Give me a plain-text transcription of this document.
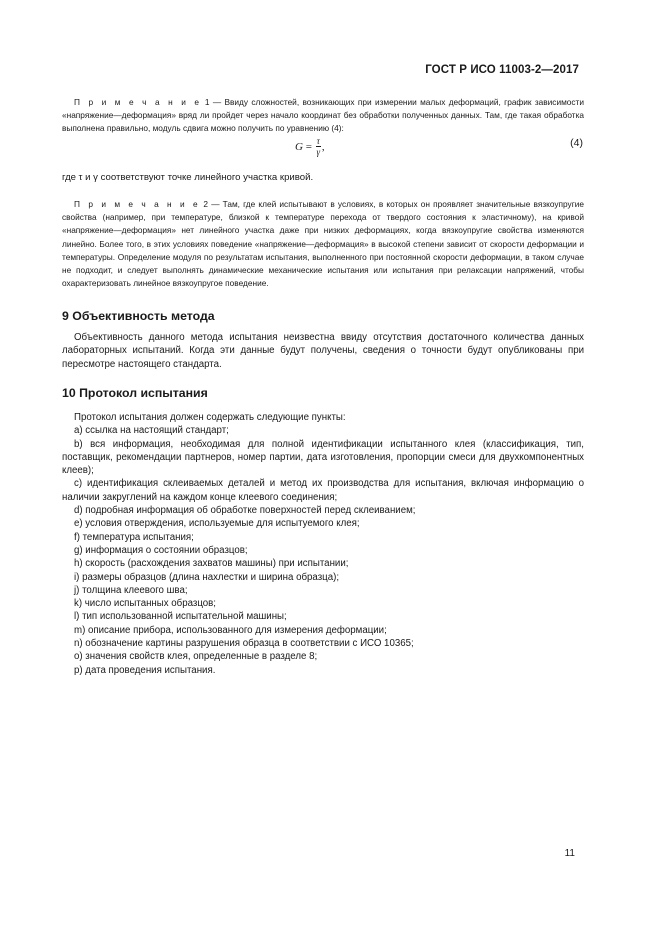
ГОСТ Р ИСО 11003-2—2017
П р и м е ч а н и е 1 — Ввиду сложностей, возникающих при измерении малых деформаций, график зависимости «напряжение—деформация» вряд ли пройдет через начало координат без обработки полученных данных. Там, где такая обработка выполнена правильно, модуль сдвига можно получить по уравнению (4):
G
=
$\frac{\tau}{\gamma}$ ,	(4)
где τ и γ соответствуют точке линейного участка кривой.
П р и м е ч а н и е 2 — Там, где клей испытывают в условиях, в которых он проявляет значительные вязкоупругие свойства (например, при температуре, близкой к температуре перехода от твердого состояния к эластичному), на кривой «напряжение—деформация» нет линейного участка даже при низких деформациях, когда вязкоупругие свойства изменяются линейно. Более того, в этих условиях поведение «напряжение—деформация» в высокой степени зависит от скорости деформации и температуры. Определение модуля по результатам испытания, выполненного при постоянной скорости деформации, в таком случае не подходит, и следует выполнять динамические механические испытания или испытания при релаксации напряжений, чтобы охарактеризовать линейное вязкоупругое поведение.
9 Объективность метода
Объективность данного метода испытания неизвестна ввиду отсутствия достаточного количества данных лабораторных испытаний. Когда эти данные будут получены, сведения о точности будут опубликованы при пересмотре настоящего стандарта.
10 Протокол испытания
Протокол испытания должен содержать следующие пункты:
a) ссылка на настоящий стандарт;
b) вся информация, необходимая для полной идентификации испытанного клея (классификация, тип, поставщик, рекомендации партнеров, номер партии, дата изготовления, пропорции смеси для двухкомпонентных клеев);
c) идентификация склеиваемых деталей и метод их производства для испытания, включая информацию о наличии закруглений на каждом конце клеевого соединения;
d) подробная информация об обработке поверхностей перед склеиванием;
e) условия отверждения, используемые для испытуемого клея;
f) температура испытания;
g) информация о состоянии образцов;
h) скорость (расхождения захватов машины) при испытании;
i) размеры образцов (длина нахлестки и ширина образца);
j) толщина клеевого шва;
k) число испытанных образцов;
l) тип использованной испытательной машины;
m) описание прибора, использованного для измерения деформации;
n) обозначение картины разрушения образца в соответствии с ИСО 10365;
o) значения свойств клея, определенные в разделе 8;
p) дата проведения испытания.
11
